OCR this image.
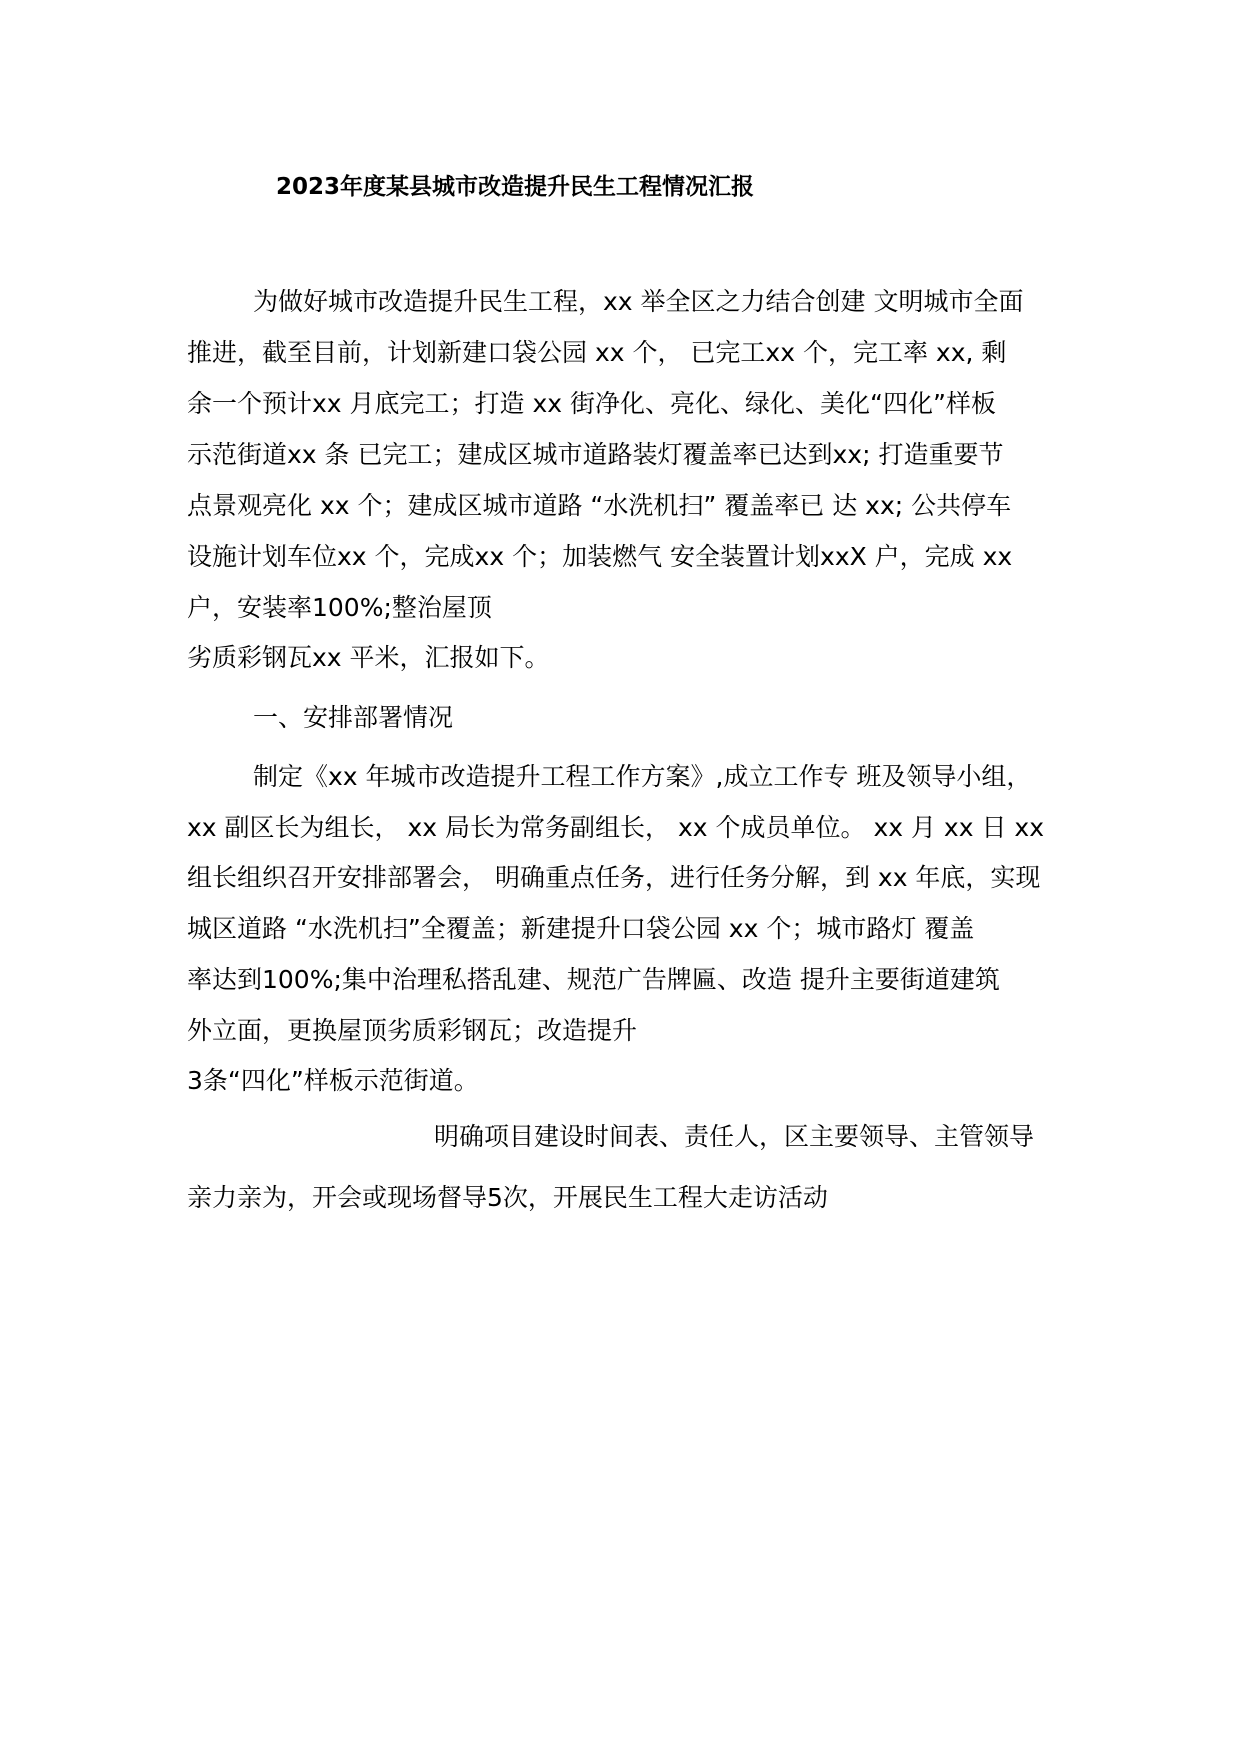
2023年度某县城市改造提升民生工程情况汇报
为做好城市改造提升民生工程，xx 举全区之力结合创建 文明城市全面
推进，截至目前，计划新建口袋公园 xx 个， 已完工xx 个，完工率 xx, 剩
余一个预计xx 月底完工；打造 xx 街净化、亮化、绿化、美化“四化”样板
示范街道xx 条 已完工；建成区城市道路装灯覆盖率已达到xx; 打造重要节
点景观亮化 xx 个；建成区城市道路 “水洗机扫” 覆盖率已 达 xx; 公共停车
设施计划车位xx 个，完成xx 个；加装燃气 安全装置计划xxX 户，完成 xx
户，安装率100%;整治屋顶
劣质彩钢瓦xx 平米，汇报如下。
一、安排部署情况
制定《xx 年城市改造提升工程工作方案》,成立工作专 班及领导小组，
xx 副区长为组长， xx 局长为常务副组长， xx 个成员单位。 xx 月 xx 日 xx
组长组织召开安排部署会， 明确重点任务，进行任务分解，到 xx 年底，实现
城区道路 “水洗机扫”全覆盖；新建提升口袋公园 xx 个；城市路灯 覆盖
率达到100%;集中治理私搭乱建、规范广告牌匾、改造 提升主要街道建筑
外立面，更换屋顶劣质彩钢瓦；改造提升
3条“四化”样板示范街道。
明确项目建设时间表、责任人，区主要领导、主管领导
亲力亲为，开会或现场督导5次，开展民生工程大走访活动
